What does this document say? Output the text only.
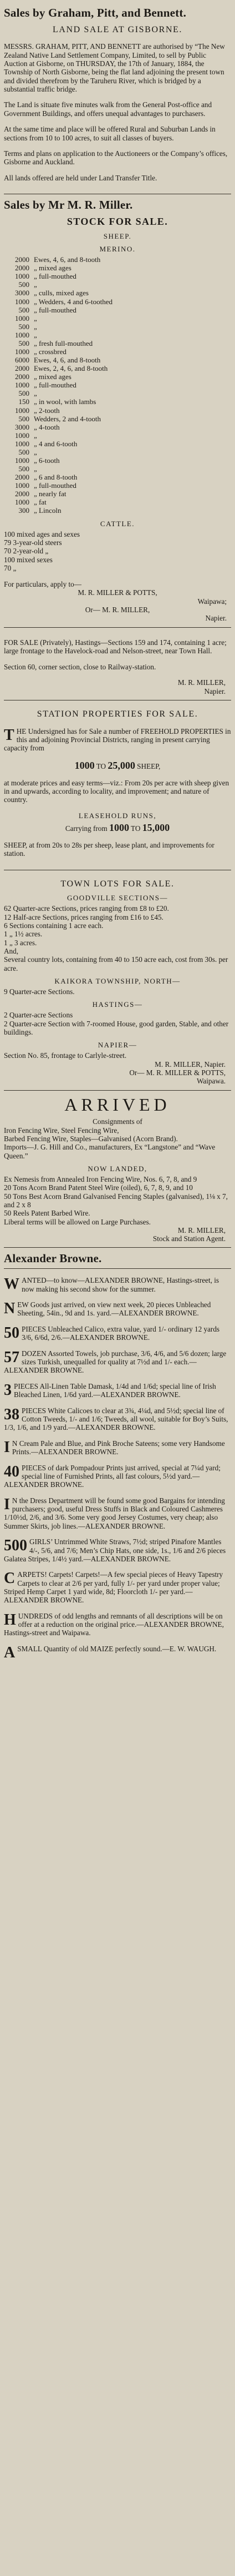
Sales by Graham, Pitt, and Bennett.
LAND SALE AT GISBORNE.

MESSRS. GRAHAM, PITT, AND BENNETT are authorised by “The New Zealand Native Land Settlement Company, Limited, to sell by Public Auction at Gisborne, on THURSDAY, the 17th of January, 1884, the Township of North Gisborne, being the flat land adjoining the present town and divided therefrom by the Taruheru River, which is bridged by a substantial traffic bridge.

The Land is situate five minutes walk from the General Post-office and Government Buildings, and offers unequal advantages to purchasers.

At the same time and place will be offered Rural and Suburban Lands in sections from 10 to 100 acres, to suit all classes of buyers.

Terms and plans on application to the Auctioneers or the Company’s offices, Gisborne and Auckland.

All lands offered are held under Land Transfer Title.

Sales by Mr M. R. Miller.
STOCK FOR SALE.
SHEEP.
MERINO.
2000 Ewes, 4, 6, and 8-tooth
2000 „ mixed ages
1000 „ full-mouthed
500 „
3000 „ culls, mixed ages
1000 „ Wedders, 4 and 6-toothed
500 „ full-mouthed
1000 „
500 „
1000 „
500 „ fresh full-mouthed
1000 „ crossbred
6000 Ewes, 4, 6, and 8-tooth
2000 Ewes, 2, 4, 6, and 8-tooth
2000 „ mixed ages
1000 „ full-mouthed
500 „
150 „ in wool, with lambs
1000 „ 2-tooth
500 Wedders, 2 and 4-tooth
3000 „ 4-tooth
1000 „
1000 „ 4 and 6-tooth
500 „
1000 „ 6-tooth
500 „
2000 „ 6 and 8-tooth
1000 „ full-mouthed
2000 „ nearly fat
1000 „ fat
300 „ Lincoln
CATTLE.
100 mixed ages and sexes
79 3-year-old steers
70 2-year-old „
100 mixed sexes
70 „
For particulars, apply to—
M. R. MILLER & POTTS,
Waipawa;
Or— M. R. MILLER,
Napier.

FOR SALE (Privately), Hastings—Sections 159 and 174, containing 1 acre; large frontage to the Havelock-road and Nelson-street, near Town Hall.

Section 60, corner section, close to Railway-station.

M. R. MILLER,
Napier.
STATION PROPERTIES FOR SALE.

T HE Undersigned has for Sale a number of FREEHOLD PROPERTIES in this and adjoining Provincial Districts, ranging in present carrying capacity from

1000 TO 25,000 SHEEP,

at moderate prices and easy terms—viz.: From 20s per acre with sheep given in and upwards, according to locality, and improvement; and nature of country.

LEASEHOLD RUNS,
Carrying from 1000 TO 15,000

SHEEP, at from 20s to 28s per sheep, lease plant, and improvements for station.

TOWN LOTS FOR SALE.
GOODVILLE SECTIONS—
62 Quarter-acre Sections, prices ranging from £8 to £20.
12 Half-acre Sections, prices ranging from £16 to £45.
6 Sections containing 1 acre each.
1 „ 1½ acres.
1 „ 3 acres.
And,
Several country lots, containing from 40 to 150 acre each, cost from 30s. per acre.
KAIKORA TOWNSHIP, NORTH—
9 Quarter-acre Sections.
HASTINGS—
2 Quarter-acre Sections
2 Quarter-acre Section with 7-roomed House, good garden, Stable, and other buildings.
NAPIER—
Section No. 85, frontage to Carlyle-street.
M. R. MILLER, Napier.
Or— M. R. MILLER & POTTS,
Waipawa.
ARRIVED
Consignments of
Iron Fencing Wire, Steel Fencing Wire,
Barbed Fencing Wire, Staples—Galvanised (Acorn Brand).
Imports—J. G. Hill and Co., manufacturers, Ex “Langstone” and “Wave Queen.”
NOW LANDED,
Ex Nemesis from Annealed Iron Fencing Wire, Nos. 6, 7, 8, and 9
20 Tons Acorn Brand Patent Steel Wire (oiled), 6, 7, 8, 9, and 10
50 Tons Best Acorn Brand Galvanised Fencing Staples (galvanised), 1⅛ x 7, and 2 x 8
50 Reels Patent Barbed Wire.
Liberal terms will be allowed on Large Purchases.
M. R. MILLER,
Stock and Station Agent.
Alexander Browne.

WANTED—to know—ALEXANDER BROWNE, Hastings-street, is now making his second show for the summer.

NEW Goods just arrived, on view next week, 20 pieces Unbleached Sheeting, 54in., 9d and 1s. yard.—ALEXANDER BROWNE.

50 PIECES Unbleached Calico, extra value, yard 1/- ordinary 12 yards 3/6, 6/6d, 2/6.—ALEXANDER BROWNE.

57 DOZEN Assorted Towels, job purchase, 3/6, 4/6, and 5/6 dozen; large sizes Turkish, unequalled for quality at 7½d and 1/- each.—ALEXANDER BROWNE.

3 PIECES All-Linen Table Damask, 1/4d and 1/6d; special line of Irish Bleached Linen, 1/6d yard.—ALEXANDER BROWNE.

38 PIECES White Calicoes to clear at 3¾, 4¼d, and 5½d; special line of Cotton Tweeds, 1/- and 1/6; Tweeds, all wool, suitable for Boy’s Suits, 1/3, 1/6, and 1/9 yard.—ALEXANDER BROWNE.

I N Cream Pale and Blue, and Pink Broche Sateens; some very Handsome Prints.—ALEXANDER BROWNE.

40 PIECES of dark Pompadour Prints just arrived, special at 7¼d yard; special line of Furnished Prints, all fast colours, 5½d yard.—ALEXANDER BROWNE.

I N the Dress Department will be found some good Bargains for intending purchasers; good, useful Dress Stuffs in Black and Coloured Cashmeres 1/10½d, 2/6, and 3/6. Some very good Jersey Costumes, very cheap; also Summer Skirts, job lines.—ALEXANDER BROWNE.

500 GIRLS’ Untrimmed White Straws, 7½d; striped Pinafore Mantles 4/-, 5/6, and 7/6; Men’s Chip Hats, one side, 1s., 1/6 and 2/6 pieces Galatea Stripes, 1/4½ yard.—ALEXANDER BROWNE.

CARPETS! Carpets! Carpets!—A few special pieces of Heavy Tapestry Carpets to clear at 2/6 per yard, fully 1/- per yard under proper value; Striped Hemp Carpet 1 yard wide, 8d; Floorcloth 1/- per yard.—ALEXANDER BROWNE.

HUNDREDS of odd lengths and remnants of all descriptions will be on offer at a reduction on the original price.—ALEXANDER BROWNE, Hastings-street and Waipawa.

ASMALL Quantity of old MAIZE perfectly sound.—E. W. WAUGH.
